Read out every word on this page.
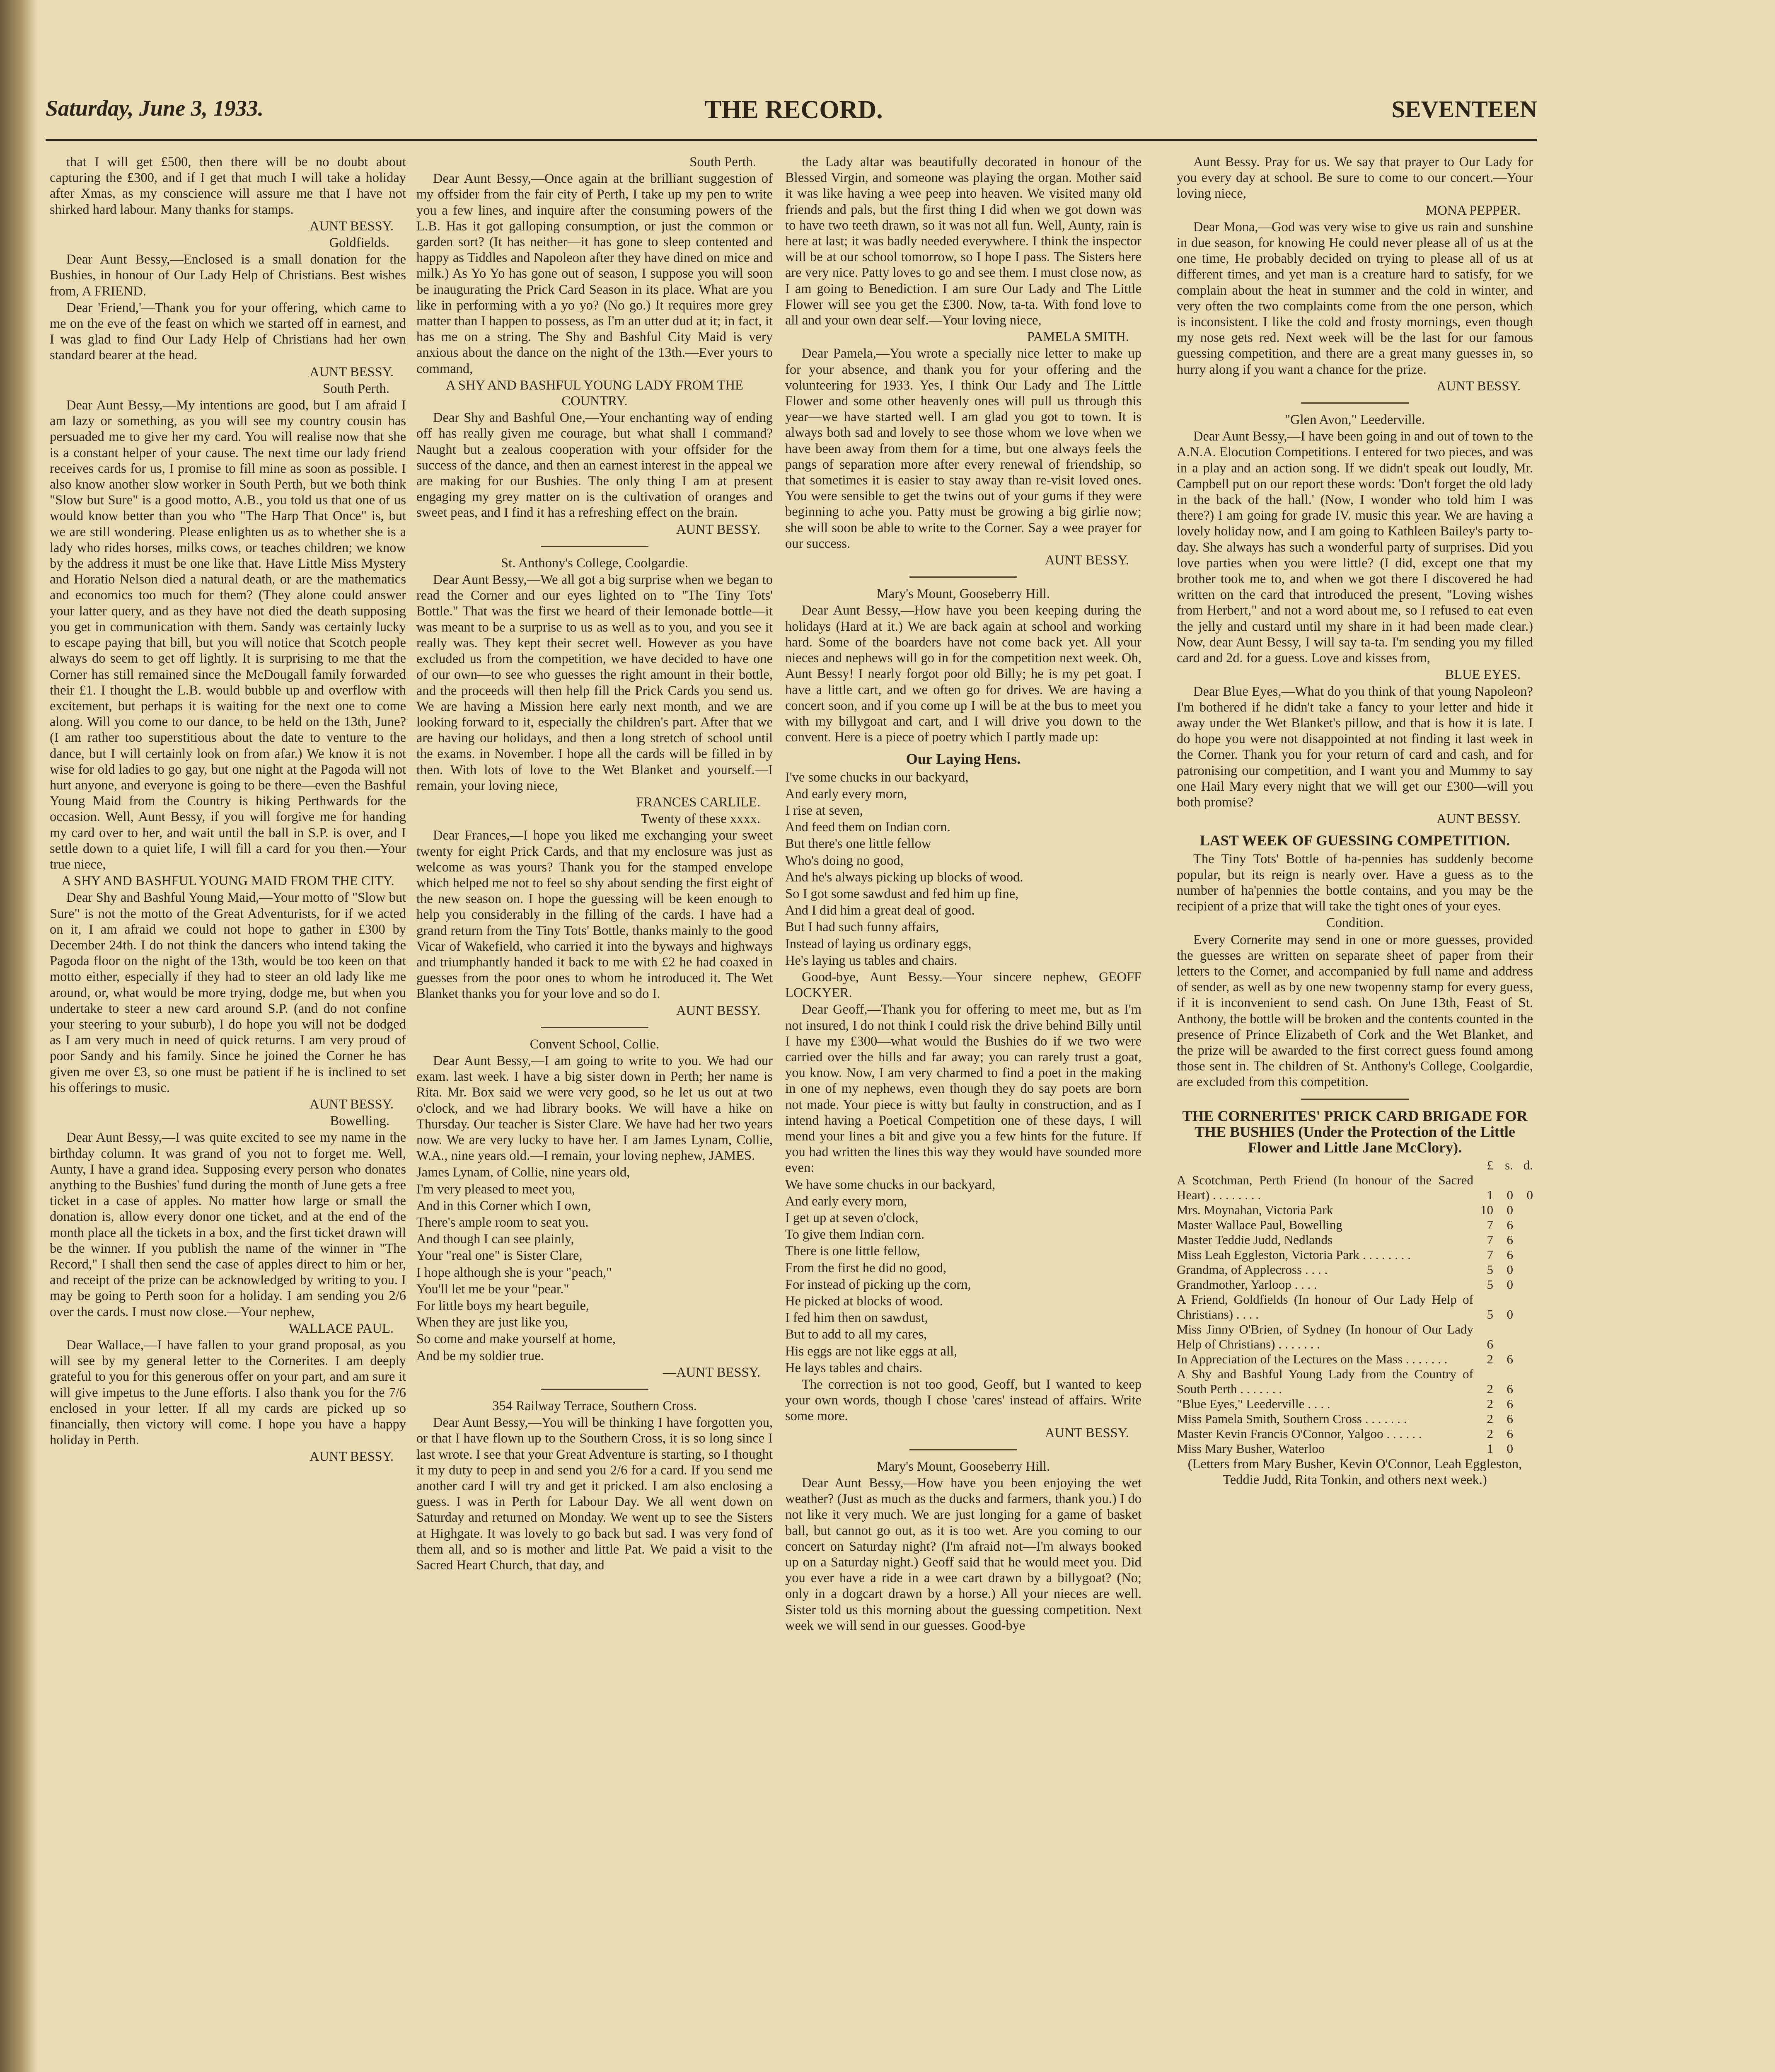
Saturday, June 3, 1933.	THE RECORD.	SEVENTEEN

that I will get £500, then there will be no doubt about capturing the £300, and if I get that much I will take a holiday after Xmas, as my conscience will assure me that I have not shirked hard labour. Many thanks for stamps.

AUNT BESSY.

Goldfields.

Dear Aunt Bessy,—Enclosed is a small donation for the Bushies, in honour of Our Lady Help of Christians. Best wishes from, A FRIEND.

Dear 'Friend,'—Thank you for your offering, which came to me on the eve of the feast on which we started off in earnest, and I was glad to find Our Lady Help of Christians had her own standard bearer at the head.

AUNT BESSY.

South Perth.

Dear Aunt Bessy,—My intentions are good, but I am afraid I am lazy or something, as you will see my country cousin has persuaded me to give her my card. You will realise now that she is a constant helper of your cause. The next time our lady friend receives cards for us, I promise to fill mine as soon as possible. I also know another slow worker in South Perth, but we both think "Slow but Sure" is a good motto, A.B., you told us that one of us would know better than you who "The Harp That Once" is, but we are still wondering. Please enlighten us as to whether she is a lady who rides horses, milks cows, or teaches children; we know by the address it must be one like that. Have Little Miss Mystery and Horatio Nelson died a natural death, or are the mathematics and economics too much for them? (They alone could answer your latter query, and as they have not died the death supposing you get in communication with them. Sandy was certainly lucky to escape paying that bill, but you will notice that Scotch people always do seem to get off lightly. It is surprising to me that the Corner has still remained since the McDougall family forwarded their £1. I thought the L.B. would bubble up and overflow with excitement, but perhaps it is waiting for the next one to come along. Will you come to our dance, to be held on the 13th, June? (I am rather too superstitious about the date to venture to the dance, but I will certainly look on from afar.) We know it is not wise for old ladies to go gay, but one night at the Pagoda will not hurt anyone, and everyone is going to be there—even the Bashful Young Maid from the Country is hiking Perthwards for the occasion. Well, Aunt Bessy, if you will forgive me for handing my card over to her, and wait until the ball in S.P. is over, and I settle down to a quiet life, I will fill a card for you then.—Your true niece,

A SHY AND BASHFUL YOUNG MAID FROM THE CITY.

Dear Shy and Bashful Young Maid,—Your motto of "Slow but Sure" is not the motto of the Great Adventurists, for if we acted on it, I am afraid we could not hope to gather in £300 by December 24th. I do not think the dancers who intend taking the Pagoda floor on the night of the 13th, would be too keen on that motto either, especially if they had to steer an old lady like me around, or, what would be more trying, dodge me, but when you undertake to steer a new card around S.P. (and do not confine your steering to your suburb), I do hope you will not be dodged as I am very much in need of quick returns. I am very proud of poor Sandy and his family. Since he joined the Corner he has given me over £3, so one must be patient if he is inclined to set his offerings to music.

AUNT BESSY.

Bowelling.

Dear Aunt Bessy,—I was quite excited to see my name in the birthday column. It was grand of you not to forget me. Well, Aunty, I have a grand idea. Supposing every person who donates anything to the Bushies' fund during the month of June gets a free ticket in a case of apples. No matter how large or small the donation is, allow every donor one ticket, and at the end of the month place all the tickets in a box, and the first ticket drawn will be the winner. If you publish the name of the winner in "The Record," I shall then send the case of apples direct to him or her, and receipt of the prize can be acknowledged by writing to you. I may be going to Perth soon for a holiday. I am sending you 2/6 over the cards. I must now close.—Your nephew,

WALLACE PAUL.

Dear Wallace,—I have fallen to your grand proposal, as you will see by my general letter to the Cornerites. I am deeply grateful to you for this generous offer on your part, and am sure it will give impetus to the June efforts. I also thank you for the 7/6 enclosed in your letter. If all my cards are picked up so financially, then victory will come. I hope you have a happy holiday in Perth.

AUNT BESSY.

South Perth.

Dear Aunt Bessy,—Once again at the brilliant suggestion of my offsider from the fair city of Perth, I take up my pen to write you a few lines, and inquire after the consuming powers of the L.B. Has it got galloping consumption, or just the common or garden sort? (It has neither—it has gone to sleep contented and happy as Tiddles and Napoleon after they have dined on mice and milk.) As Yo Yo has gone out of season, I suppose you will soon be inaugurating the Prick Card Season in its place. What are you like in performing with a yo yo? (No go.) It requires more grey matter than I happen to possess, as I'm an utter dud at it; in fact, it has me on a string. The Shy and Bashful City Maid is very anxious about the dance on the night of the 13th.—Ever yours to command,

A SHY AND BASHFUL YOUNG LADY FROM THE COUNTRY.

Dear Shy and Bashful One,—Your enchanting way of ending off has really given me courage, but what shall I command? Naught but a zealous cooperation with your offsider for the success of the dance, and then an earnest interest in the appeal we are making for our Bushies. The only thing I am at present engaging my grey matter on is the cultivation of oranges and sweet peas, and I find it has a refreshing effect on the brain.

AUNT BESSY.

St. Anthony's College, Coolgardie.

Dear Aunt Bessy,—We all got a big surprise when we began to read the Corner and our eyes lighted on to "The Tiny Tots' Bottle." That was the first we heard of their lemonade bottle—it was meant to be a surprise to us as well as to you, and you see it really was. They kept their secret well. However as you have excluded us from the competition, we have decided to have one of our own—to see who guesses the right amount in their bottle, and the proceeds will then help fill the Prick Cards you send us. We are having a Mission here early next month, and we are looking forward to it, especially the children's part. After that we are having our holidays, and then a long stretch of school until the exams. in November. I hope all the cards will be filled in by then. With lots of love to the Wet Blanket and yourself.—I remain, your loving niece,

FRANCES CARLILE.

Twenty of these xxxx.

Dear Frances,—I hope you liked me exchanging your sweet twenty for eight Prick Cards, and that my enclosure was just as welcome as was yours? Thank you for the stamped envelope which helped me not to feel so shy about sending the first eight of the new season on. I hope the guessing will be keen enough to help you considerably in the filling of the cards. I have had a grand return from the Tiny Tots' Bottle, thanks mainly to the good Vicar of Wakefield, who carried it into the byways and highways and triumphantly handed it back to me with £2 he had coaxed in guesses from the poor ones to whom he introduced it. The Wet Blanket thanks you for your love and so do I.

AUNT BESSY.

Convent School, Collie.

Dear Aunt Bessy,—I am going to write to you. We had our exam. last week. I have a big sister down in Perth; her name is Rita. Mr. Box said we were very good, so he let us out at two o'clock, and we had library books. We will have a hike on Thursday. Our teacher is Sister Clare. We have had her two years now. We are very lucky to have her. I am James Lynam, Collie, W.A., nine years old.—I remain, your loving nephew, JAMES.

James Lynam, of Collie, nine years old,

I'm very pleased to meet you,

And in this Corner which I own,

There's ample room to seat you.

And though I can see plainly,

Your "real one" is Sister Clare,

I hope although she is your "peach,"

You'll let me be your "pear."

For little boys my heart beguile,

When they are just like you,

So come and make yourself at home,

And be my soldier true.

—AUNT BESSY.

354 Railway Terrace, Southern Cross.

Dear Aunt Bessy,—You will be thinking I have forgotten you, or that I have flown up to the Southern Cross, it is so long since I last wrote. I see that your Great Adventure is starting, so I thought it my duty to peep in and send you 2/6 for a card. If you send me another card I will try and get it pricked. I am also enclosing a guess. I was in Perth for Labour Day. We all went down on Saturday and returned on Monday. We went up to see the Sisters at Highgate. It was lovely to go back but sad. I was very fond of them all, and so is mother and little Pat. We paid a visit to the Sacred Heart Church, that day, and

the Lady altar was beautifully decorated in honour of the Blessed Virgin, and someone was playing the organ. Mother said it was like having a wee peep into heaven. We visited many old friends and pals, but the first thing I did when we got down was to have two teeth drawn, so it was not all fun. Well, Aunty, rain is here at last; it was badly needed everywhere. I think the inspector will be at our school tomorrow, so I hope I pass. The Sisters here are very nice. Patty loves to go and see them. I must close now, as I am going to Benediction. I am sure Our Lady and The Little Flower will see you get the £300. Now, ta-ta. With fond love to all and your own dear self.—Your loving niece,

PAMELA SMITH.

Dear Pamela,—You wrote a specially nice letter to make up for your absence, and thank you for your offering and the volunteering for 1933. Yes, I think Our Lady and The Little Flower and some other heavenly ones will pull us through this year—we have started well. I am glad you got to town. It is always both sad and lovely to see those whom we love when we have been away from them for a time, but one always feels the pangs of separation more after every renewal of friendship, so that sometimes it is easier to stay away than re-visit loved ones. You were sensible to get the twins out of your gums if they were beginning to ache you. Patty must be growing a big girlie now; she will soon be able to write to the Corner. Say a wee prayer for our success.

AUNT BESSY.

Mary's Mount, Gooseberry Hill.

Dear Aunt Bessy,—How have you been keeping during the holidays (Hard at it.) We are back again at school and working hard. Some of the boarders have not come back yet. All your nieces and nephews will go in for the competition next week. Oh, Aunt Bessy! I nearly forgot poor old Billy; he is my pet goat. I have a little cart, and we often go for drives. We are having a concert soon, and if you come up I will be at the bus to meet you with my billygoat and cart, and I will drive you down to the convent. Here is a piece of poetry which I partly made up:

Our Laying Hens.

I've some chucks in our backyard,

And early every morn,

I rise at seven,

And feed them on Indian corn.

But there's one little fellow

Who's doing no good,

And he's always picking up blocks of wood.

So I got some sawdust and fed him up fine,

And I did him a great deal of good.

But I had such funny affairs,

Instead of laying us ordinary eggs,

He's laying us tables and chairs.

Good-bye, Aunt Bessy.—Your sincere nephew, GEOFF LOCKYER.

Dear Geoff,—Thank you for offering to meet me, but as I'm not insured, I do not think I could risk the drive behind Billy until I have my £300—what would the Bushies do if we two were carried over the hills and far away; you can rarely trust a goat, you know. Now, I am very charmed to find a poet in the making in one of my nephews, even though they do say poets are born not made. Your piece is witty but faulty in construction, and as I intend having a Poetical Competition one of these days, I will mend your lines a bit and give you a few hints for the future. If you had written the lines this way they would have sounded more even:

We have some chucks in our backyard,

And early every morn,

I get up at seven o'clock,

To give them Indian corn.

There is one little fellow,

From the first he did no good,

For instead of picking up the corn,

He picked at blocks of wood.

I fed him then on sawdust,

But to add to all my cares,

His eggs are not like eggs at all,

He lays tables and chairs.

The correction is not too good, Geoff, but I wanted to keep your own words, though I chose 'cares' instead of affairs. Write some more.

AUNT BESSY.

Mary's Mount, Gooseberry Hill.

Dear Aunt Bessy,—How have you been enjoying the wet weather? (Just as much as the ducks and farmers, thank you.) I do not like it very much. We are just longing for a game of basket ball, but cannot go out, as it is too wet. Are you coming to our concert on Saturday night? (I'm afraid not—I'm always booked up on a Saturday night.) Geoff said that he would meet you. Did you ever have a ride in a wee cart drawn by a billygoat? (No; only in a dogcart drawn by a horse.) All your nieces are well. Sister told us this morning about the guessing competition. Next week we will send in our guesses. Good-bye

Aunt Bessy. Pray for us. We say that prayer to Our Lady for you every day at school. Be sure to come to our concert.—Your loving niece,

MONA PEPPER.

Dear Mona,—God was very wise to give us rain and sunshine in due season, for knowing He could never please all of us at the one time, He probably decided on trying to please all of us at different times, and yet man is a creature hard to satisfy, for we complain about the heat in summer and the cold in winter, and very often the two complaints come from the one person, which is inconsistent. I like the cold and frosty mornings, even though my nose gets red. Next week will be the last for our famous guessing competition, and there are a great many guesses in, so hurry along if you want a chance for the prize.

AUNT BESSY.

"Glen Avon," Leederville.

Dear Aunt Bessy,—I have been going in and out of town to the A.N.A. Elocution Competitions. I entered for two pieces, and was in a play and an action song. If we didn't speak out loudly, Mr. Campbell put on our report these words: 'Don't forget the old lady in the back of the hall.' (Now, I wonder who told him I was there?) I am going for grade IV. music this year. We are having a lovely holiday now, and I am going to Kathleen Bailey's party to-day. She always has such a wonderful party of surprises. Did you love parties when you were little? (I did, except one that my brother took me to, and when we got there I discovered he had written on the card that introduced the present, "Loving wishes from Herbert," and not a word about me, so I refused to eat even the jelly and custard until my share in it had been made clear.) Now, dear Aunt Bessy, I will say ta-ta. I'm sending you my filled card and 2d. for a guess. Love and kisses from,

BLUE EYES.

Dear Blue Eyes,—What do you think of that young Napoleon? I'm bothered if he didn't take a fancy to your letter and hide it away under the Wet Blanket's pillow, and that is how it is late. I do hope you were not disappointed at not finding it last week in the Corner. Thank you for your return of card and cash, and for patronising our competition, and I want you and Mummy to say one Hail Mary every night that we will get our £300—will you both promise?

AUNT BESSY.

LAST WEEK OF GUESSING COMPETITION.

The Tiny Tots' Bottle of ha-pennies has suddenly become popular, but its reign is nearly over. Have a guess as to the number of ha'pennies the bottle contains, and you may be the recipient of a prize that will take the tight ones of your eyes.

Condition.

Every Cornerite may send in one or more guesses, provided the guesses are written on separate sheet of paper from their letters to the Corner, and accompanied by full name and address of sender, as well as by one new twopenny stamp for every guess, if it is inconvenient to send cash. On June 13th, Feast of St. Anthony, the bottle will be broken and the contents counted in the presence of Prince Elizabeth of Cork and the Wet Blanket, and the prize will be awarded to the first correct guess found among those sent in. The children of St. Anthony's College, Coolgardie, are excluded from this competition.

THE CORNERITES' PRICK CARD BRIGADE FOR THE BUSHIES (Under the Protection of the Little Flower and Little Jane McClory).
	£	s.	d.
A Scotchman, Perth Friend (In honour of the Sacred Heart) . . . . . . . .	1	0	0
Mrs. Moynahan, Victoria Park	10	0	
Master Wallace Paul, Bowelling	7	6	
Master Teddie Judd, Nedlands	7	6	
Miss Leah Eggleston, Victoria Park . . . . . . . .	7	6	
Grandma, of Applecross . . . .	5	0	
Grandmother, Yarloop . . . .	5	0	
A Friend, Goldfields (In honour of Our Lady Help of Christians) . . . .	5	0	
Miss Jinny O'Brien, of Sydney (In honour of Our Lady Help of Christians) . . . . . . .	6		
In Appreciation of the Lectures on the Mass . . . . . . .	2	6	
A Shy and Bashful Young Lady from the Country of South Perth . . . . . . .	2	6	
"Blue Eyes," Leederville . . . .	2	6	
Miss Pamela Smith, Southern Cross . . . . . . .	2	6	
Master Kevin Francis O'Connor, Yalgoo . . . . . .	2	6	
Miss Mary Busher, Waterloo	1	0	

(Letters from Mary Busher, Kevin O'Connor, Leah Eggleston, Teddie Judd, Rita Tonkin, and others next week.)
